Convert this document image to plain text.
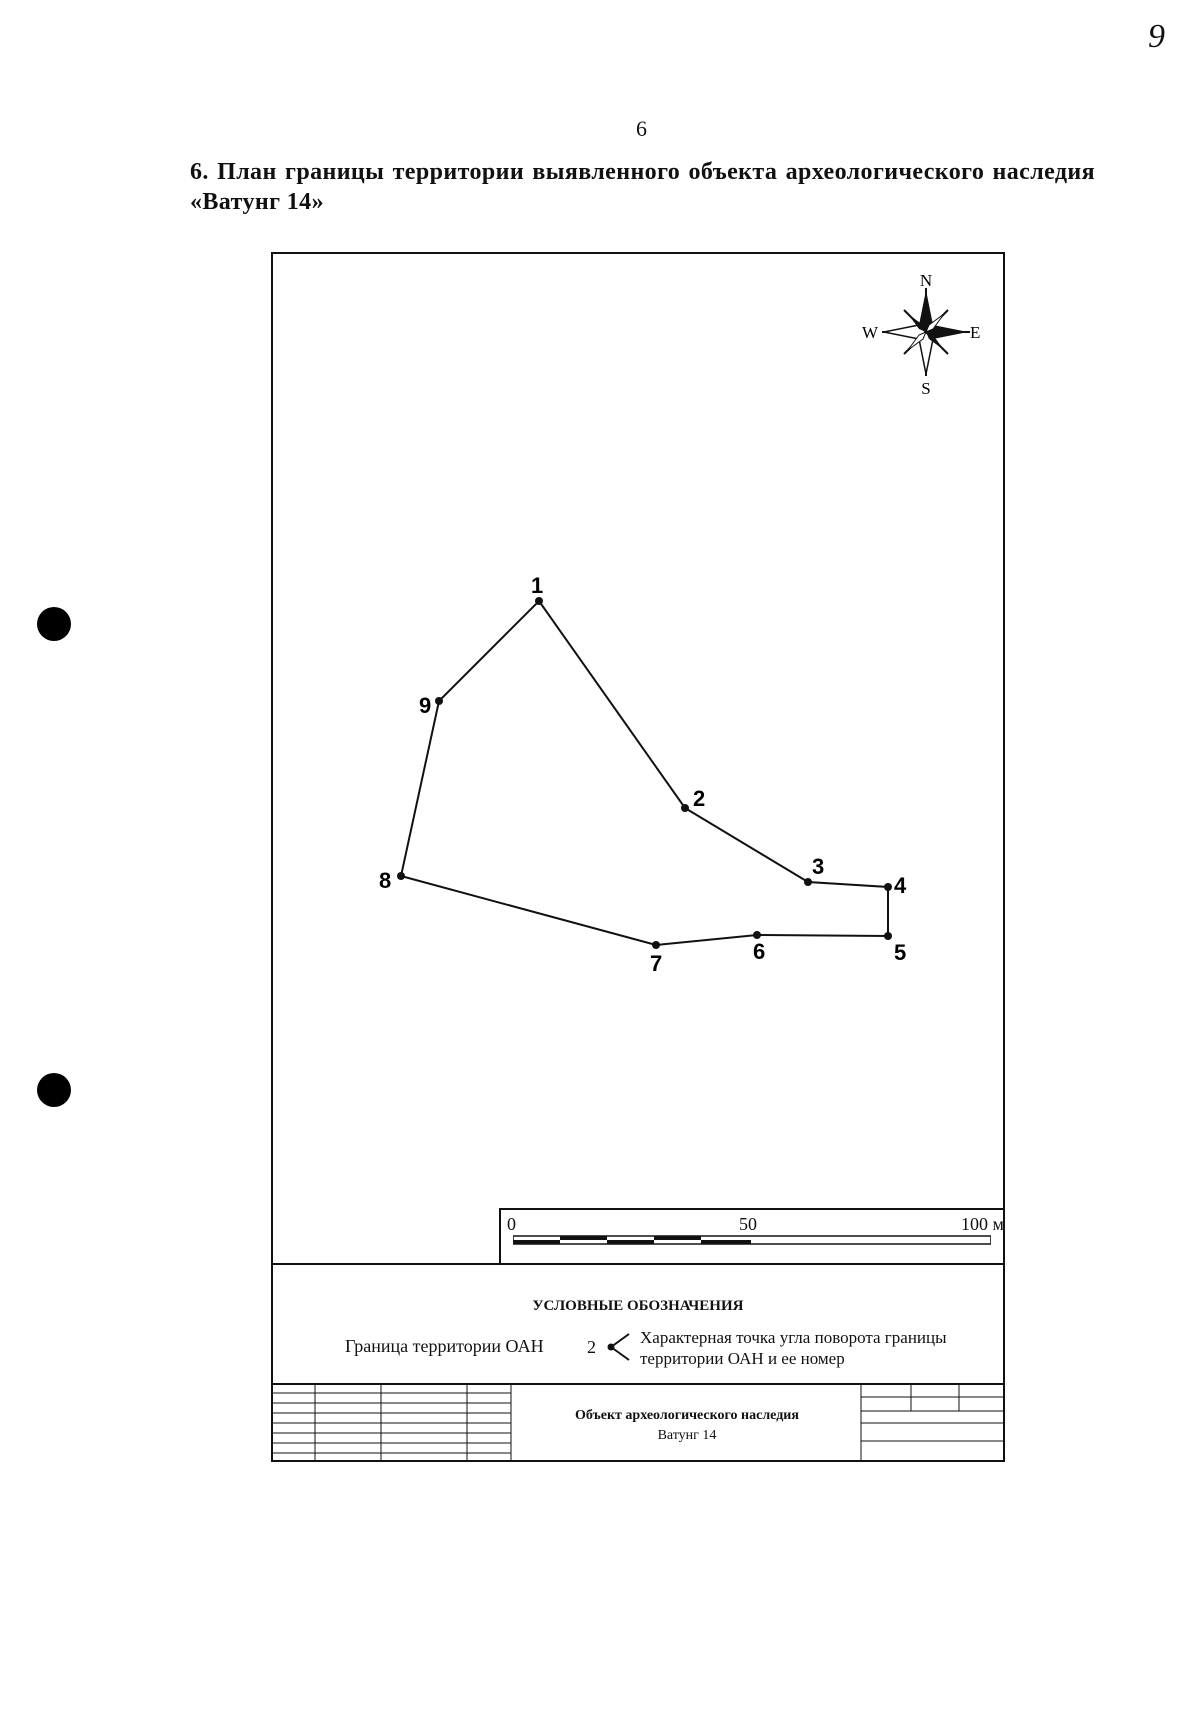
9
6
6. План границы территории выявленного объекта археологического наследия «Ватунг 14»
N
S
E
W
1
2
3
4
5
6
7
8
9
0	50	100 м
УСЛОВНЫЕ ОБОЗНАЧЕНИЯ
Граница территории ОАН 2	Характерная точка угла поворота границы территории ОАН и ее номер
Объект археологического наследия
Ватунг 14
